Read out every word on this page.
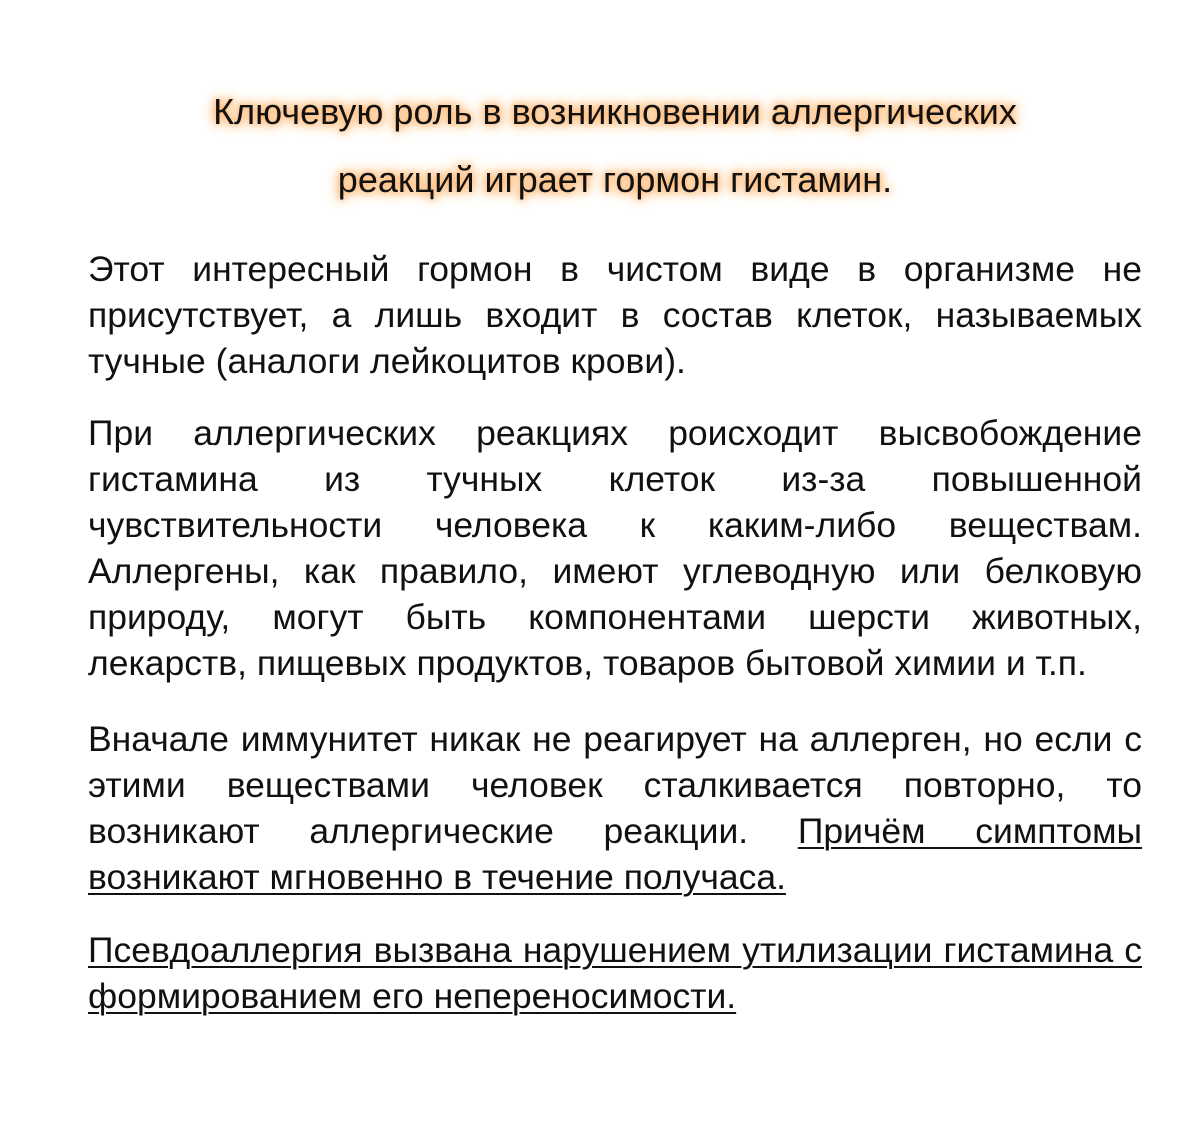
Ключевую роль в возникновении аллергических
реакций играет гормон гистамин.

Этот интересный гормон в чистом виде в организме не присутствует, а лишь входит в состав клеток, называемых тучные (аналоги лейкоцитов крови).

При аллергических реакциях роисходит высвобождение гистамина из тучных клеток из-за повышенной чувствительности человека к каким-либо веществам. Аллергены, как правило, имеют углеводную или белковую природу, могут быть компонентами шерсти животных, лекарств, пищевых продуктов, товаров бытовой химии и т.п.

Вначале иммунитет никак не реагирует на аллерген, но если с этими веществами человек сталкивается повторно, то возникают аллергические реакции. Причём симптомы возникают мгновенно в течение получаса.

Псевдоаллергия вызвана нарушением утилизации гистамина с формированием его непереносимости.
